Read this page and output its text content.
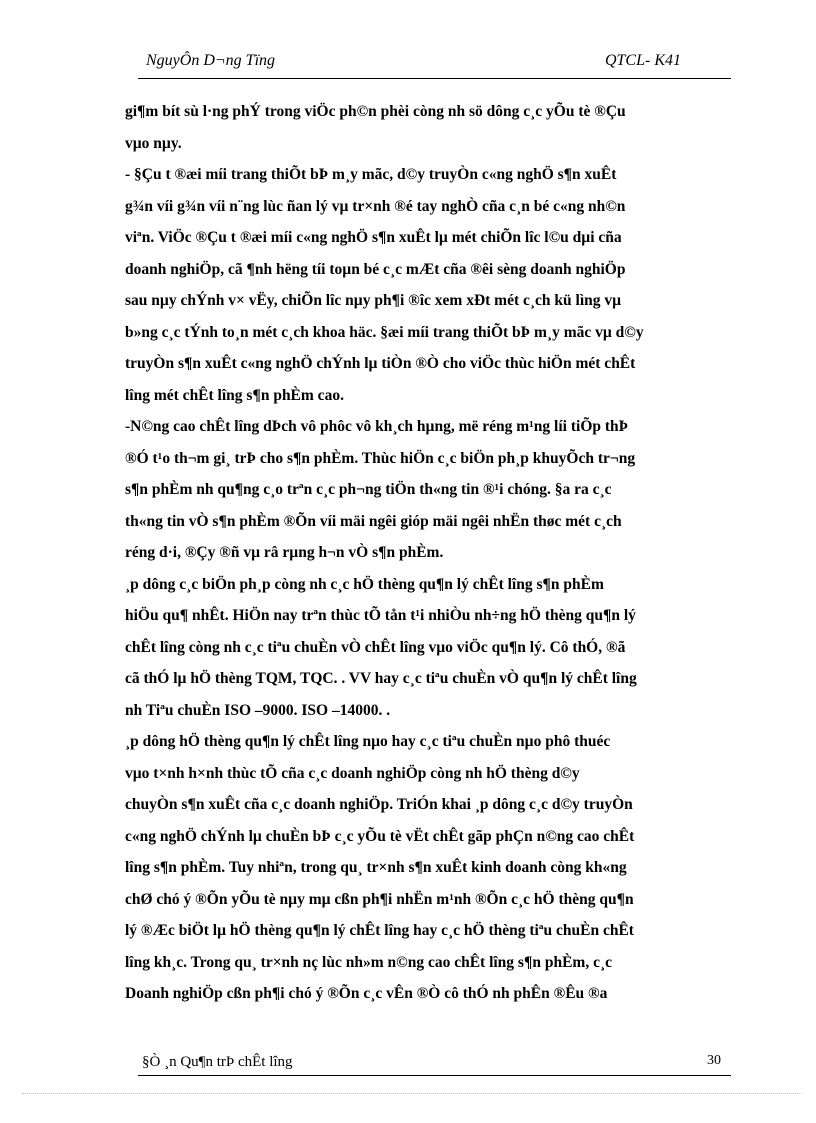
NguyÔn D¬ng Tïng	QTCL- K41
gi¶m bít sù l·ng phÝ trong viÖc ph©n phèi còng nh sö dông c¸c yÕu tè ®Çu
vµo nµy.
- §Çu t ®æi míi trang thiÕt bÞ m¸y mãc, d©y truyÒn c«ng nghÖ s¶n xuÊt
g¾n víi g¾n víi n¨ng lùc ñan lý vµ tr×nh ®é tay nghÒ cña c¸n bé c«ng nh©n
viªn. ViÖc ®Çu t ®æi míi c«ng nghÖ s¶n xuÊt lµ mét chiÕn lîc l©u dµi cña
doanh nghiÖp, cã ¶nh hëng tíi toµn bé c¸c mÆt cña ®êi sèng doanh nghiÖp
sau nµy chÝnh v× vËy, chiÕn lîc nµy ph¶i ®îc xem xÐt mét c¸ch kü lìng vµ
b»ng c¸c tÝnh to¸n mét c¸ch khoa häc. §æi míi trang thiÕt bÞ m¸y mãc vµ d©y
truyÒn s¶n xuÊt c«ng nghÖ chÝnh lµ tiÒn ®Ò cho viÖc thùc hiÖn mét chÊt
lîng mét chÊt lîng s¶n phÈm cao.
-N©ng cao chÊt lîng dÞch vô phôc vô kh¸ch hµng, më réng m¹ng líi tiÕp thÞ
®Ó t¹o th¬m gi¸ trÞ cho s¶n phÈm. Thùc hiÖn c¸c biÖn ph¸p khuyÕch tr¬ng
s¶n phÈm nh qu¶ng c¸o trªn c¸c ph¬ng tiÖn th«ng tin ®¹i chóng. §a ra c¸c
th«ng tin vÒ s¶n phÈm ®Õn víi mäi ngêi gióp mäi ngêi nhËn thøc mét c¸ch
réng d·i, ®Çy ®ñ vµ râ rµng h¬n vÒ s¶n phÈm.
¸p dông c¸c biÖn ph¸p còng nh c¸c hÖ thèng qu¶n lý chÊt lîng s¶n phÈm
hiÖu qu¶ nhÊt. HiÖn nay trªn thùc tÕ tån t¹i nhiÒu nh÷ng hÖ thèng qu¶n lý
chÊt lîng còng nh c¸c tiªu chuÈn vÒ chÊt lîng vµo viÖc qu¶n lý. Cô thÓ, ®ã
cã thÓ lµ hÖ thèng TQM, TQC. . VV hay c¸c tiªu chuÈn vÒ qu¶n lý chÊt lîng
nh Tiªu chuÈn ISO –9000. ISO –14000. .
¸p dông hÖ thèng qu¶n lý chÊt lîng nµo hay c¸c tiªu chuÈn nµo phô thuéc
vµo t×nh h×nh thùc tÕ cña c¸c doanh nghiÖp còng nh hÖ thèng d©y
chuyÒn s¶n xuÊt cña c¸c doanh nghiÖp. TriÓn khai ¸p dông c¸c d©y truyÒn
c«ng nghÖ chÝnh lµ chuÈn bÞ c¸c yÕu tè vËt chÊt gãp phÇn n©ng cao chÊt
lîng s¶n phÈm. Tuy nhiªn, trong qu¸ tr×nh s¶n xuÊt kinh doanh còng kh«ng
chØ chó ý ®Õn yÕu tè nµy mµ cßn ph¶i nhËn m¹nh ®Õn c¸c hÖ thèng qu¶n
lý ®Æc biÖt lµ hÖ thèng qu¶n lý chÊt lîng hay c¸c hÖ thèng tiªu chuÈn chÊt
lîng kh¸c. Trong qu¸ tr×nh nç lùc nh»m n©ng cao chÊt lîng s¶n phÈm, c¸c
Doanh nghiÖp cßn ph¶i chó ý ®Õn c¸c vÊn ®Ò cô thÓ nh phÊn ®Êu ®a
§Ò ¸n Qu¶n trÞ chÊt lîng	30
